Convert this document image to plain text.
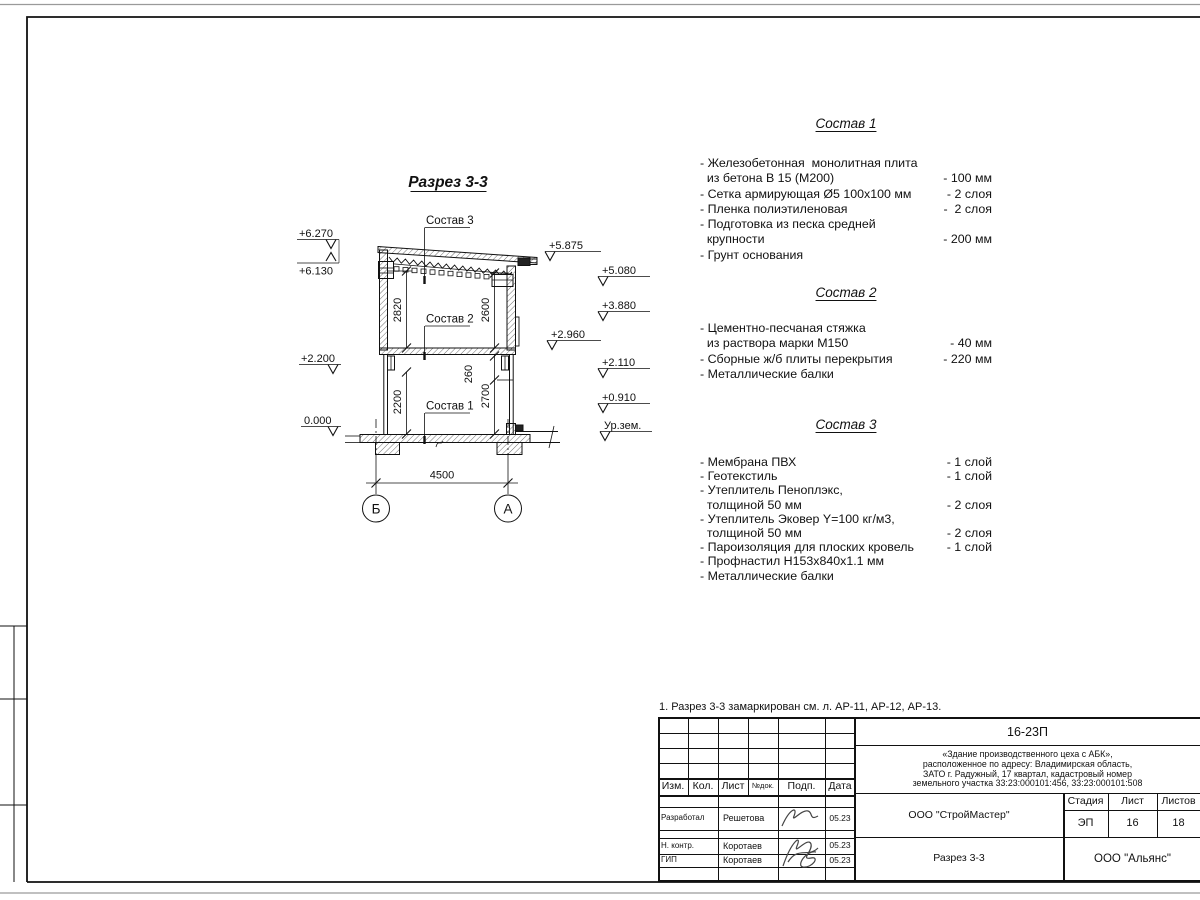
Разрез 3-3
Состав 3
Состав 2
Состав 1
+6.270
+6.130
+2.200
0.000
+5.875
+5.080
+3.880
+2.960
+2.110
+0.910
Ур.зем.
2820	2600
2200
260
2700
4500
Б	А
Состав 1
- Железобетонная  монолитная плита
из бетона В 15 (М200)	- 100 мм
- Сетка армирующая Ø5 100х100 мм	- 2 слоя
- Пленка полиэтиленовая	-  2 слоя
- Подготовка из песка средней
крупности	- 200 мм
- Грунт основания
Состав 2
- Цементно-песчаная стяжка
из раствора марки М150	- 40 мм
- Сборные ж/б плиты перекрытия	- 220 мм
- Металлические балки
Состав 3
- Мембрана ПВХ	- 1 слой
- Геотекстиль	- 1 слой
- Утеплитель Пеноплэкс,
толщиной 50 мм	- 2 слоя
- Утеплитель Эковер Y=100 кг/м3,
толщиной 50 мм	- 2 слоя
- Пароизоляция для плоских кровель	- 1 слой
- Профнастил Н153х840х1.1 мм
- Металлические балки
1. Разрез 3-3 замаркирован см. л. АР-11, АР-12, АР-13.
Изм. Кол. Лист	№док.	Подп.	Дата
Разработал	Решетова	05.23
Н. контр.	Коротаев	05.23
ГИП	Коротаев	05.23
16-23П
«Здание производственного цеха с АБК»,
расположенное по адресу: Владимирская область,
ЗАТО г. Радужный, 17 квартал, кадастровый номер
земельного участка 33:23:000101:456, 33:23:000101:508
ООО "СтройМастер"
Стадия	Лист	Листов
ЭП	16	18
Разрез 3-3	ООО "Альянс"
